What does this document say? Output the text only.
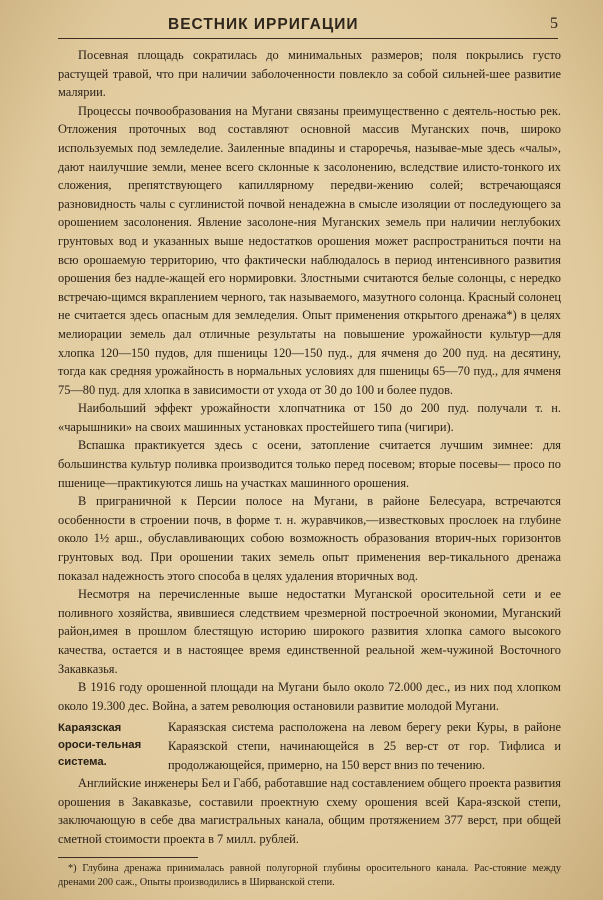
ВЕСТНИК ИРРИГАЦИИ	5

Посевная площадь сократилась до минимальных размеров; поля покрылись густо растущей травой, что при наличии заболоченности повлекло за собой сильней-шее развитие малярии.

Процессы почвообразования на Мугани связаны преимущественно с деятель-ностью рек. Отложения проточных вод составляют основной массив Муганских почв, широко используемых под земледелие. Заиленные впадины и староречья, называе-мые здесь «чалы», дают наилучшие земли, менее всего склонные к засолонению, вследствие илисто-тонкого их сложения, препятствующего капиллярному передви-жению солей; встречающаяся разновидность чалы с суглинистой почвой ненадежна в смысле изоляции от последующего за орошением засолонения. Явление засолоне-ния Муганских земель при наличии неглубоких грунтовых вод и указанных выше недостатков орошения может распространиться почти на всю орошаемую территорию, что фактически наблюдалось в период интенсивного развития орошения без надле-жащей его нормировки. Злостными считаются белые солонцы, с нередко встречаю-щимся вкраплением черного, так называемого, мазутного солонца. Красный солонец не считается здесь опасным для земледелия. Опыт применения открытого дренажа*) в целях мелиорации земель дал отличные результаты на повышение урожайности культур—для хлопка 120—150 пудов, для пшеницы 120—150 пуд., для ячменя до 200 пуд. на десятину, тогда как средняя урожайность в нормальных условиях для пшеницы 65—70 пуд., для ячменя 75—80 пуд. для хлопка в зависимости от ухода от 30 до 100 и более пудов.

Наибольший эффект урожайности хлопчатника от 150 до 200 пуд. получали т. н. «чарышники» на своих машинных установках простейшего типа (чигири).

Вспашка практикуется здесь с осени, затопление считается лучшим зимнее: для большинства культур поливка производится только перед посевом; вторые посевы— просо по пшенице—практикуются лишь на участках машинного орошения.

В приграничной к Персии полосе на Мугани, в районе Белесуара, встречаются особенности в строении почв, в форме т. н. журавчиков,—известковых прослоек на глубине около 1½ арш., обуславливающих собою возможность образования вторич-ных горизонтов грунтовых вод. При орошении таких земель опыт применения вер-тикального дренажа показал надежность этого способа в целях удаления вторичных вод.

Несмотря на перечисленные выше недостатки Муганской оросительной сети и ее поливного хозяйства, явившиеся следствием чрезмерной построечной экономии, Муганский район,имея в прошлом блестящую историю широкого развития хлопка самого высокого качества, остается и в настоящее время единственной реальной жем-чужиной Восточного Закавказья.

В 1916 году орошенной площади на Мугани было около 72.000 дес., из них под хлопком около 19.300 дес. Война, а затем революция остановили развитие молодой Мугани.

Караязская ороси-тельная система.

Караязская система расположена на левом берегу реки Куры, в районе Караязской степи, начинающейся в 25 вер-ст от гор. Тифлиса и продолжающейся, примерно, на 150 верст вниз по течению.

Английские инженеры Бел и Габб, работавшие над составлением общего проекта развития орошения в Закавказье, составили проектную схему орошения всей Кара-язской степи, заключающую в себе два магистральных канала, общим протяжением 377 верст, при общей сметной стоимости проекта в 7 милл. рублей.

*) Глубина дренажа принималась равной полугорной глубины оросительного канала. Рас-стояние между дренами 200 саж., Опыты производились в Ширванской степи.
